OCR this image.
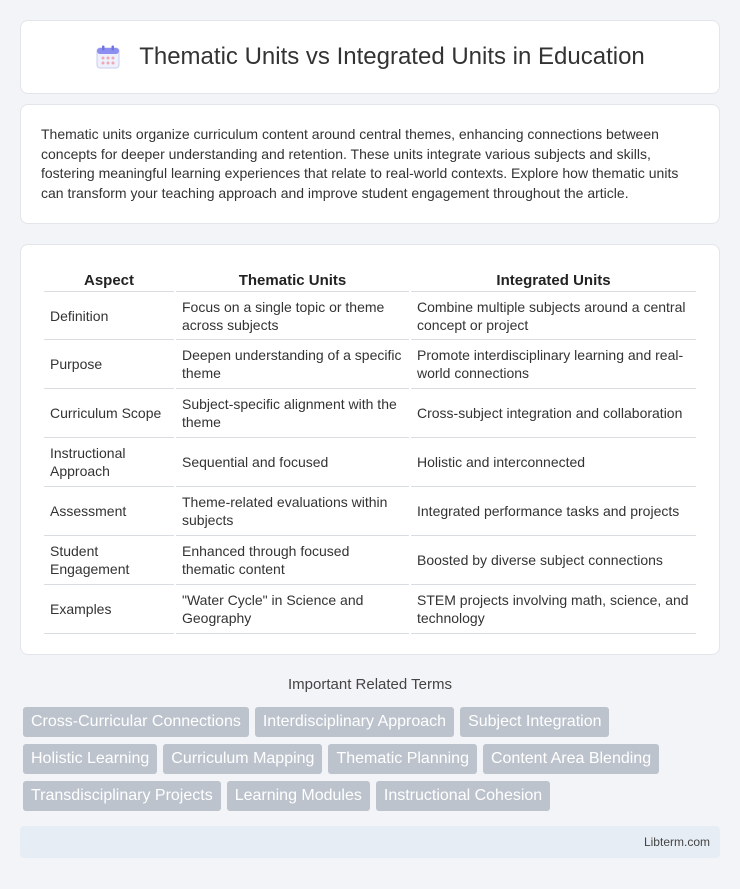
Thematic Units vs Integrated Units in Education

Thematic units organize curriculum content around central themes, enhancing connections between concepts for deeper understanding and retention. These units integrate various subjects and skills, fostering meaningful learning experiences that relate to real-world contexts. Explore how thematic units can transform your teaching approach and improve student engagement throughout the article.

Aspect	Thematic Units	Integrated Units
Definition	Focus on a single topic or theme across subjects	Combine multiple subjects around a central concept or project
Purpose	Deepen understanding of a specific theme	Promote interdisciplinary learning and real-world connections
Curriculum Scope	Subject-specific alignment with the theme	Cross-subject integration and collaboration
Instructional Approach	Sequential and focused	Holistic and interconnected
Assessment	Theme-related evaluations within subjects	Integrated performance tasks and projects
Student Engagement	Enhanced through focused thematic content	Boosted by diverse subject connections
Examples	"Water Cycle" in Science and Geography	STEM projects involving math, science, and technology
Important Related Terms
Cross-Curricular Connections	Interdisciplinary Approach	Subject Integration
Holistic Learning	Curriculum Mapping	Thematic Planning	Content Area Blending
Transdisciplinary Projects	Learning Modules	Instructional Cohesion
Libterm.com
